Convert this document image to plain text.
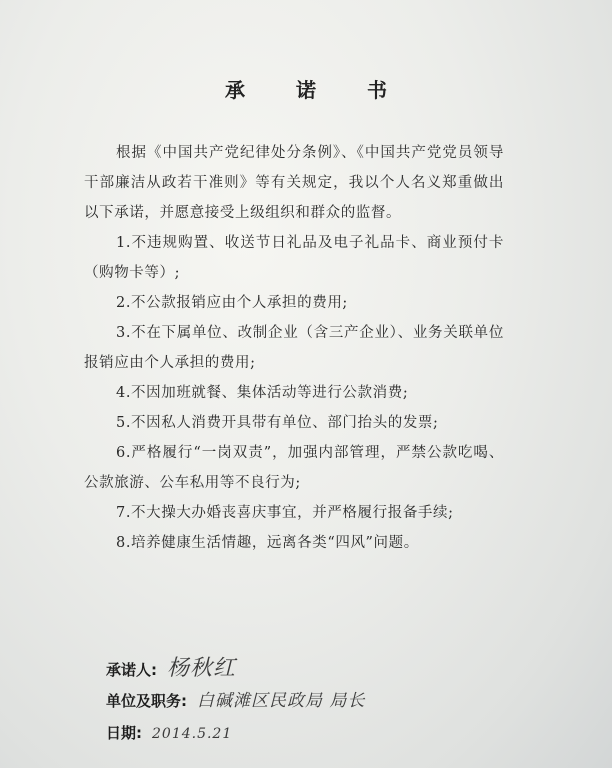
承 诺 书

根据《中国共产党纪律处分条例》、《中国共产党党员领导干部廉洁从政若干准则》等有关规定，我以个人名义郑重做出以下承诺，并愿意接受上级组织和群众的监督。

1.不违规购置、收送节日礼品及电子礼品卡、商业预付卡（购物卡等）;

2.不公款报销应由个人承担的费用;

3.不在下属单位、改制企业（含三产企业）、业务关联单位报销应由个人承担的费用;

4.不因加班就餐、集体活动等进行公款消费;

5.不因私人消费开具带有单位、部门抬头的发票;

6.严格履行“一岗双责”，加强内部管理，严禁公款吃喝、公款旅游、公车私用等不良行为;

7.不大操大办婚丧喜庆事宜，并严格履行报备手续;

8.培养健康生活情趣，远离各类“四风”问题。

承诺人: 杨秋红
单位及职务: 白碱滩区民政局 局长
日期: 2014.5.21
